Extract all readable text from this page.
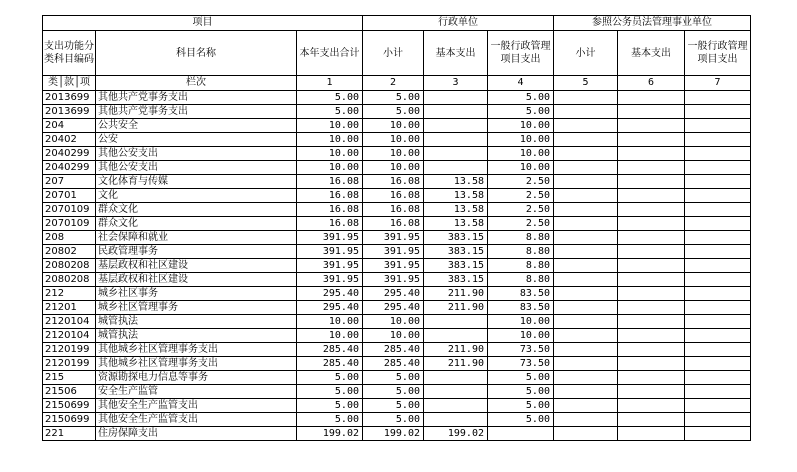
项目			行政单位			参照公务员法管理事业单位		
支出功能分类科目编码	科目名称	本年支出合计	小计	基本支出	一般行政管理项目支出	小计	基本支出	一般行政管理项目支出
类│款│项	栏次	1	2	3	4	5	6	7
2013699	其他共产党事务支出	5.00	5.00		5.00			
2013699	其他共产党事务支出	5.00	5.00		5.00			
204	公共安全	10.00	10.00		10.00			
20402	公安	10.00	10.00		10.00			
2040299	其他公安支出	10.00	10.00		10.00			
2040299	其他公安支出	10.00	10.00		10.00			
207	文化体育与传媒	16.08	16.08	13.58	2.50			
20701	文化	16.08	16.08	13.58	2.50			
2070109	群众文化	16.08	16.08	13.58	2.50			
2070109	群众文化	16.08	16.08	13.58	2.50			
208	社会保障和就业	391.95	391.95	383.15	8.80			
20802	民政管理事务	391.95	391.95	383.15	8.80			
2080208	基层政权和社区建设	391.95	391.95	383.15	8.80			
2080208	基层政权和社区建设	391.95	391.95	383.15	8.80			
212	城乡社区事务	295.40	295.40	211.90	83.50			
21201	城乡社区管理事务	295.40	295.40	211.90	83.50			
2120104	城管执法	10.00	10.00		10.00			
2120104	城管执法	10.00	10.00		10.00			
2120199	其他城乡社区管理事务支出	285.40	285.40	211.90	73.50			
2120199	其他城乡社区管理事务支出	285.40	285.40	211.90	73.50			
215	资源勘探电力信息等事务	5.00	5.00		5.00			
21506	安全生产监管	5.00	5.00		5.00			
2150699	其他安全生产监管支出	5.00	5.00		5.00			
2150699	其他安全生产监管支出	5.00	5.00		5.00			
221	住房保障支出	199.02	199.02	199.02				
